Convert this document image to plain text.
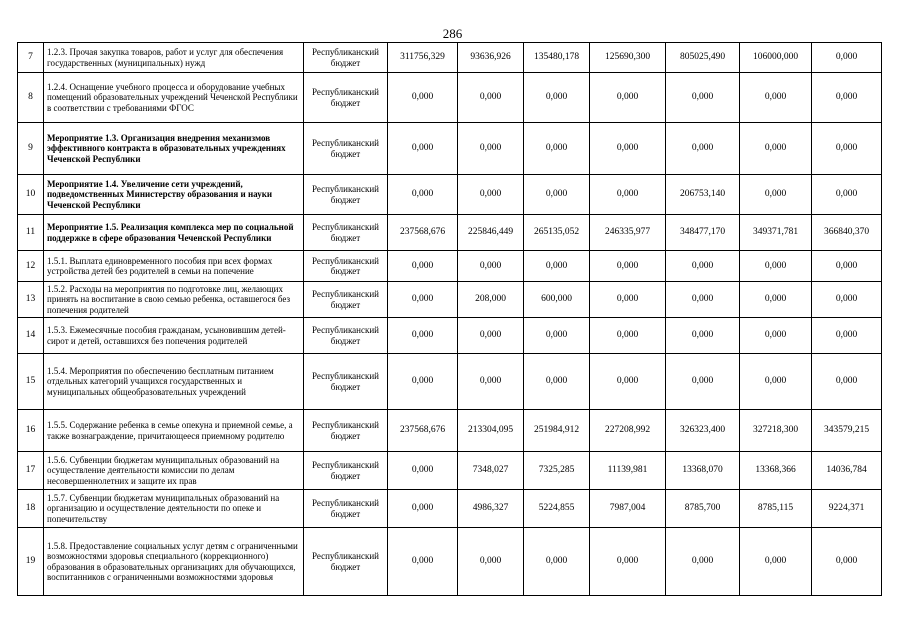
286
7	1.2.3. Прочая закупка товаров, работ и услуг для обеспечения государственных (муниципальных) нужд	Республиканский бюджет	311756,329	93636,926	135480,178	125690,300	805025,490	106000,000	0,000
8	1.2.4. Оснащение учебного процесса и оборудование учебных помещений образовательных учреждений Чеченской Республики в соответствии с требованиями ФГОС	Республиканский бюджет	0,000	0,000	0,000	0,000	0,000	0,000	0,000
9	Мероприятие 1.3. Организация внедрения механизмов эффективного контракта в образовательных учреждениях Чеченской Республики	Республиканский бюджет	0,000	0,000	0,000	0,000	0,000	0,000	0,000
10	Мероприятие 1.4. Увеличение сети учреждений, подведомственных Министерству образования и науки Чеченской Республики	Республиканский бюджет	0,000	0,000	0,000	0,000	206753,140	0,000	0,000
11	Мероприятие 1.5. Реализация комплекса мер по социальной поддержке в сфере образования Чеченской Республики	Республиканский бюджет	237568,676	225846,449	265135,052	246335,977	348477,170	349371,781	366840,370
12	1.5.1. Выплата единовременного пособия при всех формах устройства детей без родителей в семьи на попечение	Республиканский бюджет	0,000	0,000	0,000	0,000	0,000	0,000	0,000
13	1.5.2. Расходы на мероприятия по подготовке лиц, желающих принять на воспитание в свою семью ребенка, оставшегося без попечения родителей	Республиканский бюджет	0,000	208,000	600,000	0,000	0,000	0,000	0,000
14	1.5.3. Ежемесячные пособия гражданам, усыновившим детей-сирот и детей, оставшихся без попечения родителей	Республиканский бюджет	0,000	0,000	0,000	0,000	0,000	0,000	0,000
15	1.5.4. Мероприятия по обеспечению бесплатным питанием отдельных категорий учащихся государственных и муниципальных общеобразовательных учреждений	Республиканский бюджет	0,000	0,000	0,000	0,000	0,000	0,000	0,000
16	1.5.5. Содержание ребенка в семье опекуна и приемной семье, а также вознаграждение, причитающееся приемному родителю	Республиканский бюджет	237568,676	213304,095	251984,912	227208,992	326323,400	327218,300	343579,215
17	1.5.6. Субвенции бюджетам муниципальных образований на осуществление деятельности комиссии по делам несовершеннолетних и защите их прав	Республиканский бюджет	0,000	7348,027	7325,285	11139,981	13368,070	13368,366	14036,784
18	1.5.7. Субвенции бюджетам муниципальных образований на организацию и осуществление деятельности по опеке и попечительству	Республиканский бюджет	0,000	4986,327	5224,855	7987,004	8785,700	8785,115	9224,371
19	1.5.8. Предоставление социальных услуг детям с ограниченными возможностями здоровья специального (коррекционного) образования в образовательных организациях для обучающихся, воспитанников с ограниченными возможностями здоровья	Республиканский бюджет	0,000	0,000	0,000	0,000	0,000	0,000	0,000
